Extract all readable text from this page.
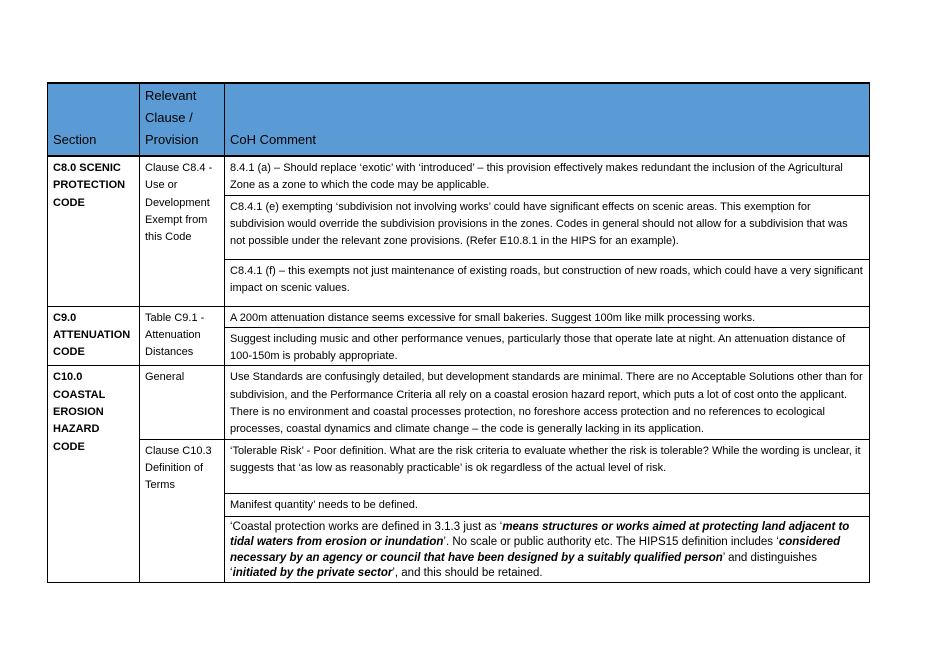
Section	Relevant Clause / Provision	CoH Comment
C8.0 SCENIC PROTECTION CODE	Clause C8.4 - Use or Development Exempt from this Code	8.4.1 (a) – Should replace ‘exotic’ with ‘introduced’ – this provision effectively makes redundant the inclusion of the Agricultural Zone as a zone to which the code may be applicable.
		C8.4.1 (e) exempting ‘subdivision not involving works’ could have significant effects on scenic areas. This exemption for subdivision would override the subdivision provisions in the zones. Codes in general should not allow for a subdivision that was not possible under the relevant zone provisions. (Refer E10.8.1 in the HIPS for an example).
		C8.4.1 (f) – this exempts not just maintenance of existing roads, but construction of new roads, which could have a very significant impact on scenic values.
C9.0 ATTENUATION CODE	Table C9.1 - Attenuation Distances	A 200m attenuation distance seems excessive for small bakeries. Suggest 100m like milk processing works.
		Suggest including music and other performance venues, particularly those that operate late at night. An attenuation distance of 100-150m is probably appropriate.
C10.0 COASTAL EROSION HAZARD CODE	General	Use Standards are confusingly detailed, but development standards are minimal. There are no Acceptable Solutions other than for subdivision, and the Performance Criteria all rely on a coastal erosion hazard report, which puts a lot of cost onto the applicant. There is no environment and coastal processes protection, no foreshore access protection and no references to ecological processes, coastal dynamics and climate change – the code is generally lacking in its application.
	Clause C10.3 Definition of Terms	‘Tolerable Risk’ - Poor definition. What are the risk criteria to evaluate whether the risk is tolerable? While the wording is unclear, it suggests that ‘as low as reasonably practicable’ is ok regardless of the actual level of risk.
		Manifest quantity’ needs to be defined.
		‘Coastal protection works are defined in 3.1.3 just as ‘means structures or works aimed at protecting land adjacent to tidal waters from erosion or inundation’. No scale or public authority etc. The HIPS15 definition includes ‘considered necessary by an agency or council that have been designed by a suitably qualified person’ and distinguishes ‘initiated by the private sector’, and this should be retained.
